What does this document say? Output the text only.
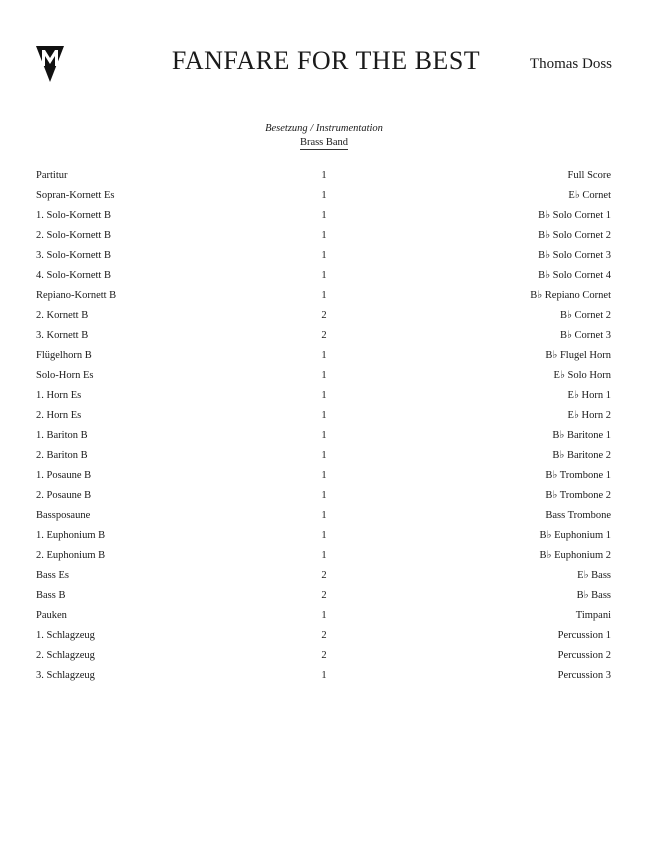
FANFARE FOR THE BEST	Thomas Doss

Besetzung / Instrumentation
Brass Band
Partitur	1	Full Score
Sopran-Kornett Es	1	E♭ Cornet
1. Solo-Kornett B	1	B♭ Solo Cornet 1
2. Solo-Kornett B	1	B♭ Solo Cornet 2
3. Solo-Kornett B	1	B♭ Solo Cornet 3
4. Solo-Kornett B	1	B♭ Solo Cornet 4
Repiano-Kornett B	1	B♭ Repiano Cornet
2. Kornett B	2	B♭ Cornet 2
3. Kornett B	2	B♭ Cornet 3
Flügelhorn B	1	B♭ Flugel Horn
Solo-Horn Es	1	E♭ Solo Horn
1. Horn Es	1	E♭ Horn 1
2. Horn Es	1	E♭ Horn 2
1. Bariton B	1	B♭ Baritone 1
2. Bariton B	1	B♭ Baritone 2
1. Posaune B	1	B♭ Trombone 1
2. Posaune B	1	B♭ Trombone 2
Bassposaune	1	Bass Trombone
1. Euphonium B	1	B♭ Euphonium 1
2. Euphonium B	1	B♭ Euphonium 2
Bass Es	2	E♭ Bass
Bass B	2	B♭ Bass
Pauken	1	Timpani
1. Schlagzeug	2	Percussion 1
2. Schlagzeug	2	Percussion 2
3. Schlagzeug	1	Percussion 3
